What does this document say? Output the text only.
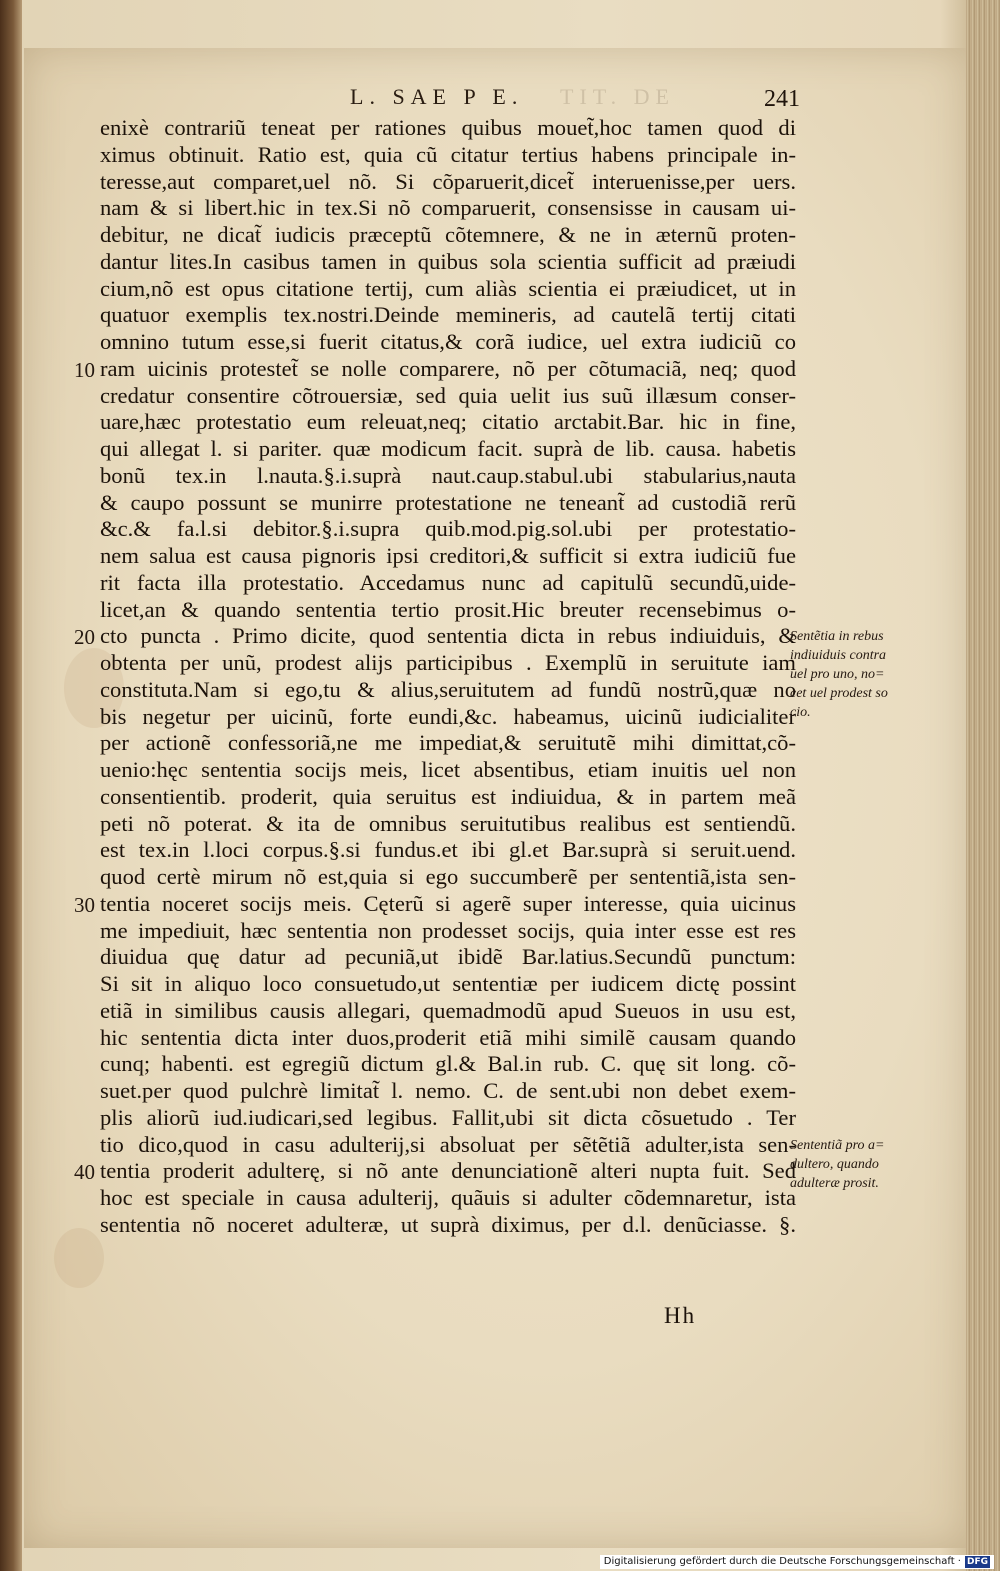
L. SAE P E. TIT. DE	241
enixè contrariũ teneat per rationes quibus mouet̃,hoc tamen quod di
ximus obtinuit. Ratio est, quia cũ citatur tertius habens principale in-
teresse,aut comparet,uel nõ. Si cõparuerit,dicet̃ interuenisse,per uers.
nam & si libert.hic in tex.Si nõ comparuerit, consensisse in causam ui-
debitur, ne dicat̃ iudicis præceptũ cõtemnere, & ne in æternũ proten-
dantur lites.In casibus tamen in quibus sola scientia sufficit ad præiudi
cium,nõ est opus citatione tertij, cum aliàs scientia ei præiudicet, ut in
quatuor exemplis tex.nostri.Deinde memineris, ad cautelã tertij citati
omnino tutum esse,si fuerit citatus,& corã iudice, uel extra iudiciũ co
ram uicinis protestet̃ se nolle comparere, nõ per cõtumaciã, neq; quod
credatur consentire cõtrouersiæ, sed quia uelit ius suũ illæsum conser-
uare,hæc protestatio eum releuat,neq; citatio arctabit.Bar. hic in fine,
qui allegat l. si pariter. quæ modicum facit. suprà de lib. causa. habetis
bonũ tex.in l.nauta.§.i.suprà naut.caup.stabul.ubi stabularius,nauta
& caupo possunt se munirre protestatione ne teneant̃ ad custodiã rerũ
&c.& fa.l.si debitor.§.i.supra quib.mod.pig.sol.ubi per protestatio-
nem salua est causa pignoris ipsi creditori,& sufficit si extra iudiciũ fue
rit facta illa protestatio. Accedamus nunc ad capitulũ secundũ,uide-
licet,an & quando sententia tertio prosit.Hic breuter recensebimus o-
cto puncta . Primo dicite, quod sententia dicta in rebus indiuiduis, &
obtenta per unũ, prodest alijs participibus . Exemplũ in seruitute iam
constituta.Nam si ego,tu & alius,seruitutem ad fundũ nostrũ,quæ no
bis negetur per uicinũ, forte eundi,&c. habeamus, uicinũ iudicialiter
per actionẽ confessoriã,ne me impediat,& seruitutẽ mihi dimittat,cõ-
uenio:hęc sententia socijs meis, licet absentibus, etiam inuitis uel non
consentientib. proderit, quia seruitus est indiuidua, & in partem meã
peti nõ poterat. & ita de omnibus seruitutibus realibus est sentiendũ.
est tex.in l.loci corpus.§.si fundus.et ibi gl.et Bar.suprà si seruit.uend.
quod certè mirum nõ est,quia si ego succumberẽ per sententiã,ista sen-
tentia noceret socijs meis. Cęterũ si agerẽ super interesse, quia uicinus
me impediuit, hæc sententia non prodesset socijs, quia inter esse est res
diuidua quę datur ad pecuniã,ut ibidẽ Bar.latius.Secundũ punctum:
Si sit in aliquo loco consuetudo,ut sententiæ per iudicem dictę possint
etiã in similibus causis allegari, quemadmodũ apud Sueuos in usu est,
hic sententia dicta inter duos,proderit etiã mihi similẽ causam quando
cunq; habenti. est egregiũ dictum gl.& Bal.in rub. C. quę sit long. cõ-
suet.per quod pulchrè limitat̃ l. nemo. C. de sent.ubi non debet exem-
plis aliorũ iud.iudicari,sed legibus. Fallit,ubi sit dicta cõsuetudo . Ter
tio dico,quod in casu adulterij,si absoluat per sẽtẽtiã adulter,ista sen-
tentia proderit adulterę, si nõ ante denunciationẽ alteri nupta fuit. Sed
hoc est speciale in causa adulterij, quãuis si adulter cõdemnaretur, ista
sententia nõ noceret adulteræ, ut suprà diximus, per d.l. denũciasse. §.
10
20
30
40
Sentẽtia in rebus indiuiduis contra uel pro uno, no= cet uel prodest so cio.
Sententiã pro a= dultero, quando adulteræ prosit.
Hh
Digitalisierung gefördert durch die Deutsche Forschungsgemeinschaft · DFG
